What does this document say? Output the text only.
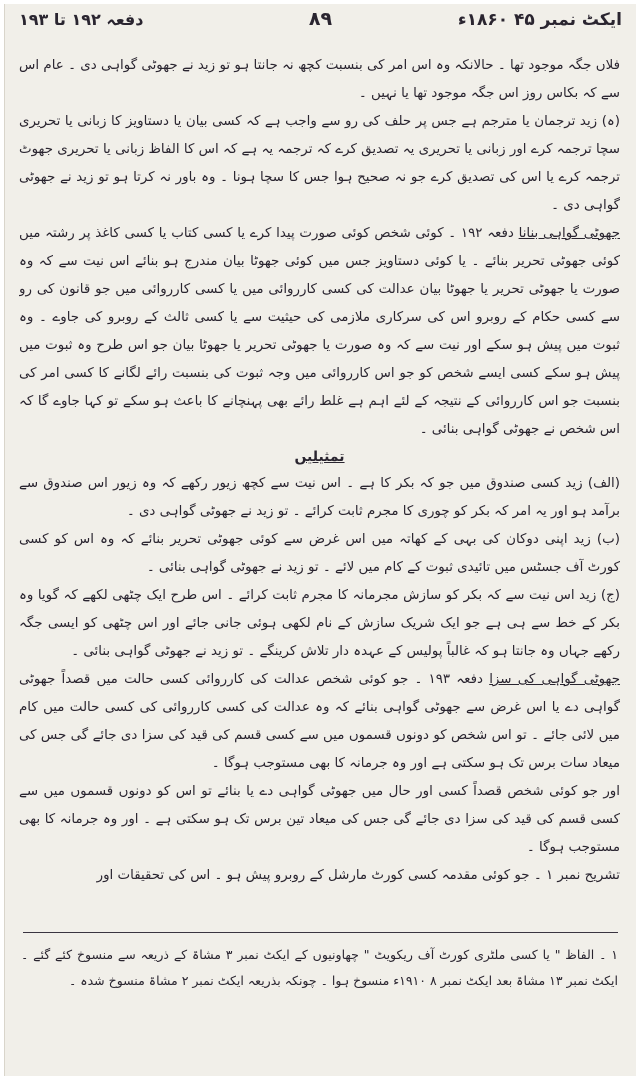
ایکٹ نمبر ۴۵ ۱۸۶۰ء
۸۹
دفعہ ۱۹۲ تا ۱۹۳

فلاں جگہ موجود تھا ۔ حالانکہ وہ اس امر کی بنسبت کچھ نہ جانتا ہو تو زید نے جھوٹی گواہی دی ۔ عام اس سے کہ بکاس روز اس جگہ موجود تھا یا نہیں ۔

(ہ) زید ترجمان یا مترجم ہے جس پر حلف کی رو سے واجب ہے کہ کسی بیان یا دستاویز کا زبانی یا تحریری سچا ترجمہ کرے اور زبانی یا تحریری یہ تصدیق کرے کہ ترجمہ یہ ہے کہ اس کا الفاظ زبانی یا تحریری جھوٹ ترجمہ کرے یا اس کی تصدیق کرے جو نہ صحیح ہوا جس کا سچا ہونا ۔ وہ باور نہ کرتا ہو تو زید نے جھوٹی گواہی دی ۔

جھوٹی گواہی بنانا دفعہ ۱۹۲ ۔ کوئی شخص کوئی صورت پیدا کرے یا کسی کتاب یا کسی کاغذ پر رشتہ میں کوئی جھوٹی تحریر بنائے ۔ یا کوئی دستاویز جس میں کوئی جھوٹا بیان مندرج ہو بنائے اس نیت سے کہ وہ صورت یا جھوٹی تحریر یا جھوٹا بیان عدالت کی کسی کارروائی میں یا کسی کارروائی میں جو قانون کی رو سے کسی حکام کے روبرو اس کی سرکاری ملازمی کی حیثیت سے یا کسی ثالث کے روبرو کی جاوے ۔ وہ ثبوت میں پیش ہو سکے اور نیت سے کہ وہ صورت یا جھوٹی تحریر یا جھوٹا بیان جو اس طرح وہ ثبوت میں پیش ہو سکے کسی ایسے شخص کو جو اس کارروائی میں وجہ ثبوت کی بنسبت رائے لگانے کا کسی امر کی بنسبت جو اس کارروائی کے نتیجہ کے لئے اہم ہے غلط رائے بھی پہنچانے کا باعث ہو سکے تو کہا جاوے گا کہ اس شخص نے جھوٹی گواہی بنائی ۔

تمثیلیں

(الف) زید کسی صندوق میں جو کہ بکر کا ہے ۔ اس نیت سے کچھ زیور رکھے کہ وہ زیور اس صندوق سے برآمد ہو اور یہ امر کہ بکر کو چوری کا مجرم ثابت کرائے ۔ تو زید نے جھوٹی گواہی دی ۔

(ب) زید اپنی دوکان کی بہی کے کھاتہ میں اس غرض سے کوئی جھوٹی تحریر بنائے کہ وہ اس کو کسی کورٹ آف جسٹس میں تائیدی ثبوت کے کام میں لائے ۔ تو زید نے جھوٹی گواہی بنائی ۔

(ج) زید اس نیت سے کہ بکر کو سازش مجرمانہ کا مجرم ثابت کرائے ۔ اس طرح ایک چٹھی لکھے کہ گویا وہ بکر کے خط سے ہی ہے جو ایک شریک سازش کے نام لکھی ہوئی جانی جائے اور اس چٹھی کو ایسی جگہ رکھے جہاں وہ جانتا ہو کہ غالباً پولیس کے عہدہ دار تلاش کرینگے ۔ تو زید نے جھوٹی گواہی بنائی ۔

جھوٹی گواہی کی سزا دفعہ ۱۹۳ ۔ جو کوئی شخص عدالت کی کارروائی کسی حالت میں قصداً جھوٹی گواہی دے یا اس غرض سے جھوٹی گواہی بنائے کہ وہ عدالت کی کسی کارروائی کی کسی حالت میں کام میں لائی جائے ۔ تو اس شخص کو دونوں قسموں میں سے کسی قسم کی قید کی سزا دی جائے گی جس کی میعاد سات برس تک ہو سکتی ہے اور وہ جرمانہ کا بھی مستوجب ہوگا ۔

اور جو کوئی شخص قصداً کسی اور حال میں جھوٹی گواہی دے یا بنائے تو اس کو دونوں قسموں میں سے کسی قسم کی قید کی سزا دی جائے گی جس کی میعاد تین برس تک ہو سکتی ہے ۔ اور وہ جرمانہ کا بھی مستوجب ہوگا ۔

تشریح نمبر ۱ ۔ جو کوئی مقدمہ کسی کورٹ مارشل کے روبرو پیش ہو ۔ اس کی تحقیقات اور

۱ ۔ الفاظ " یا کسی ملٹری کورٹ آف ریکویٹ " چھاونیوں کے ایکٹ نمبر ۳ مشاۃ کے ذریعہ سے منسوخ کئے گئے ۔ ایکٹ نمبر ۱۳ مشاۃ بعد ایکٹ نمبر ۸ ۱۹۱۰ء منسوخ ہوا ۔ چونکہ بذریعہ ایکٹ نمبر ۲ مشاۃ منسوخ شدہ ۔
